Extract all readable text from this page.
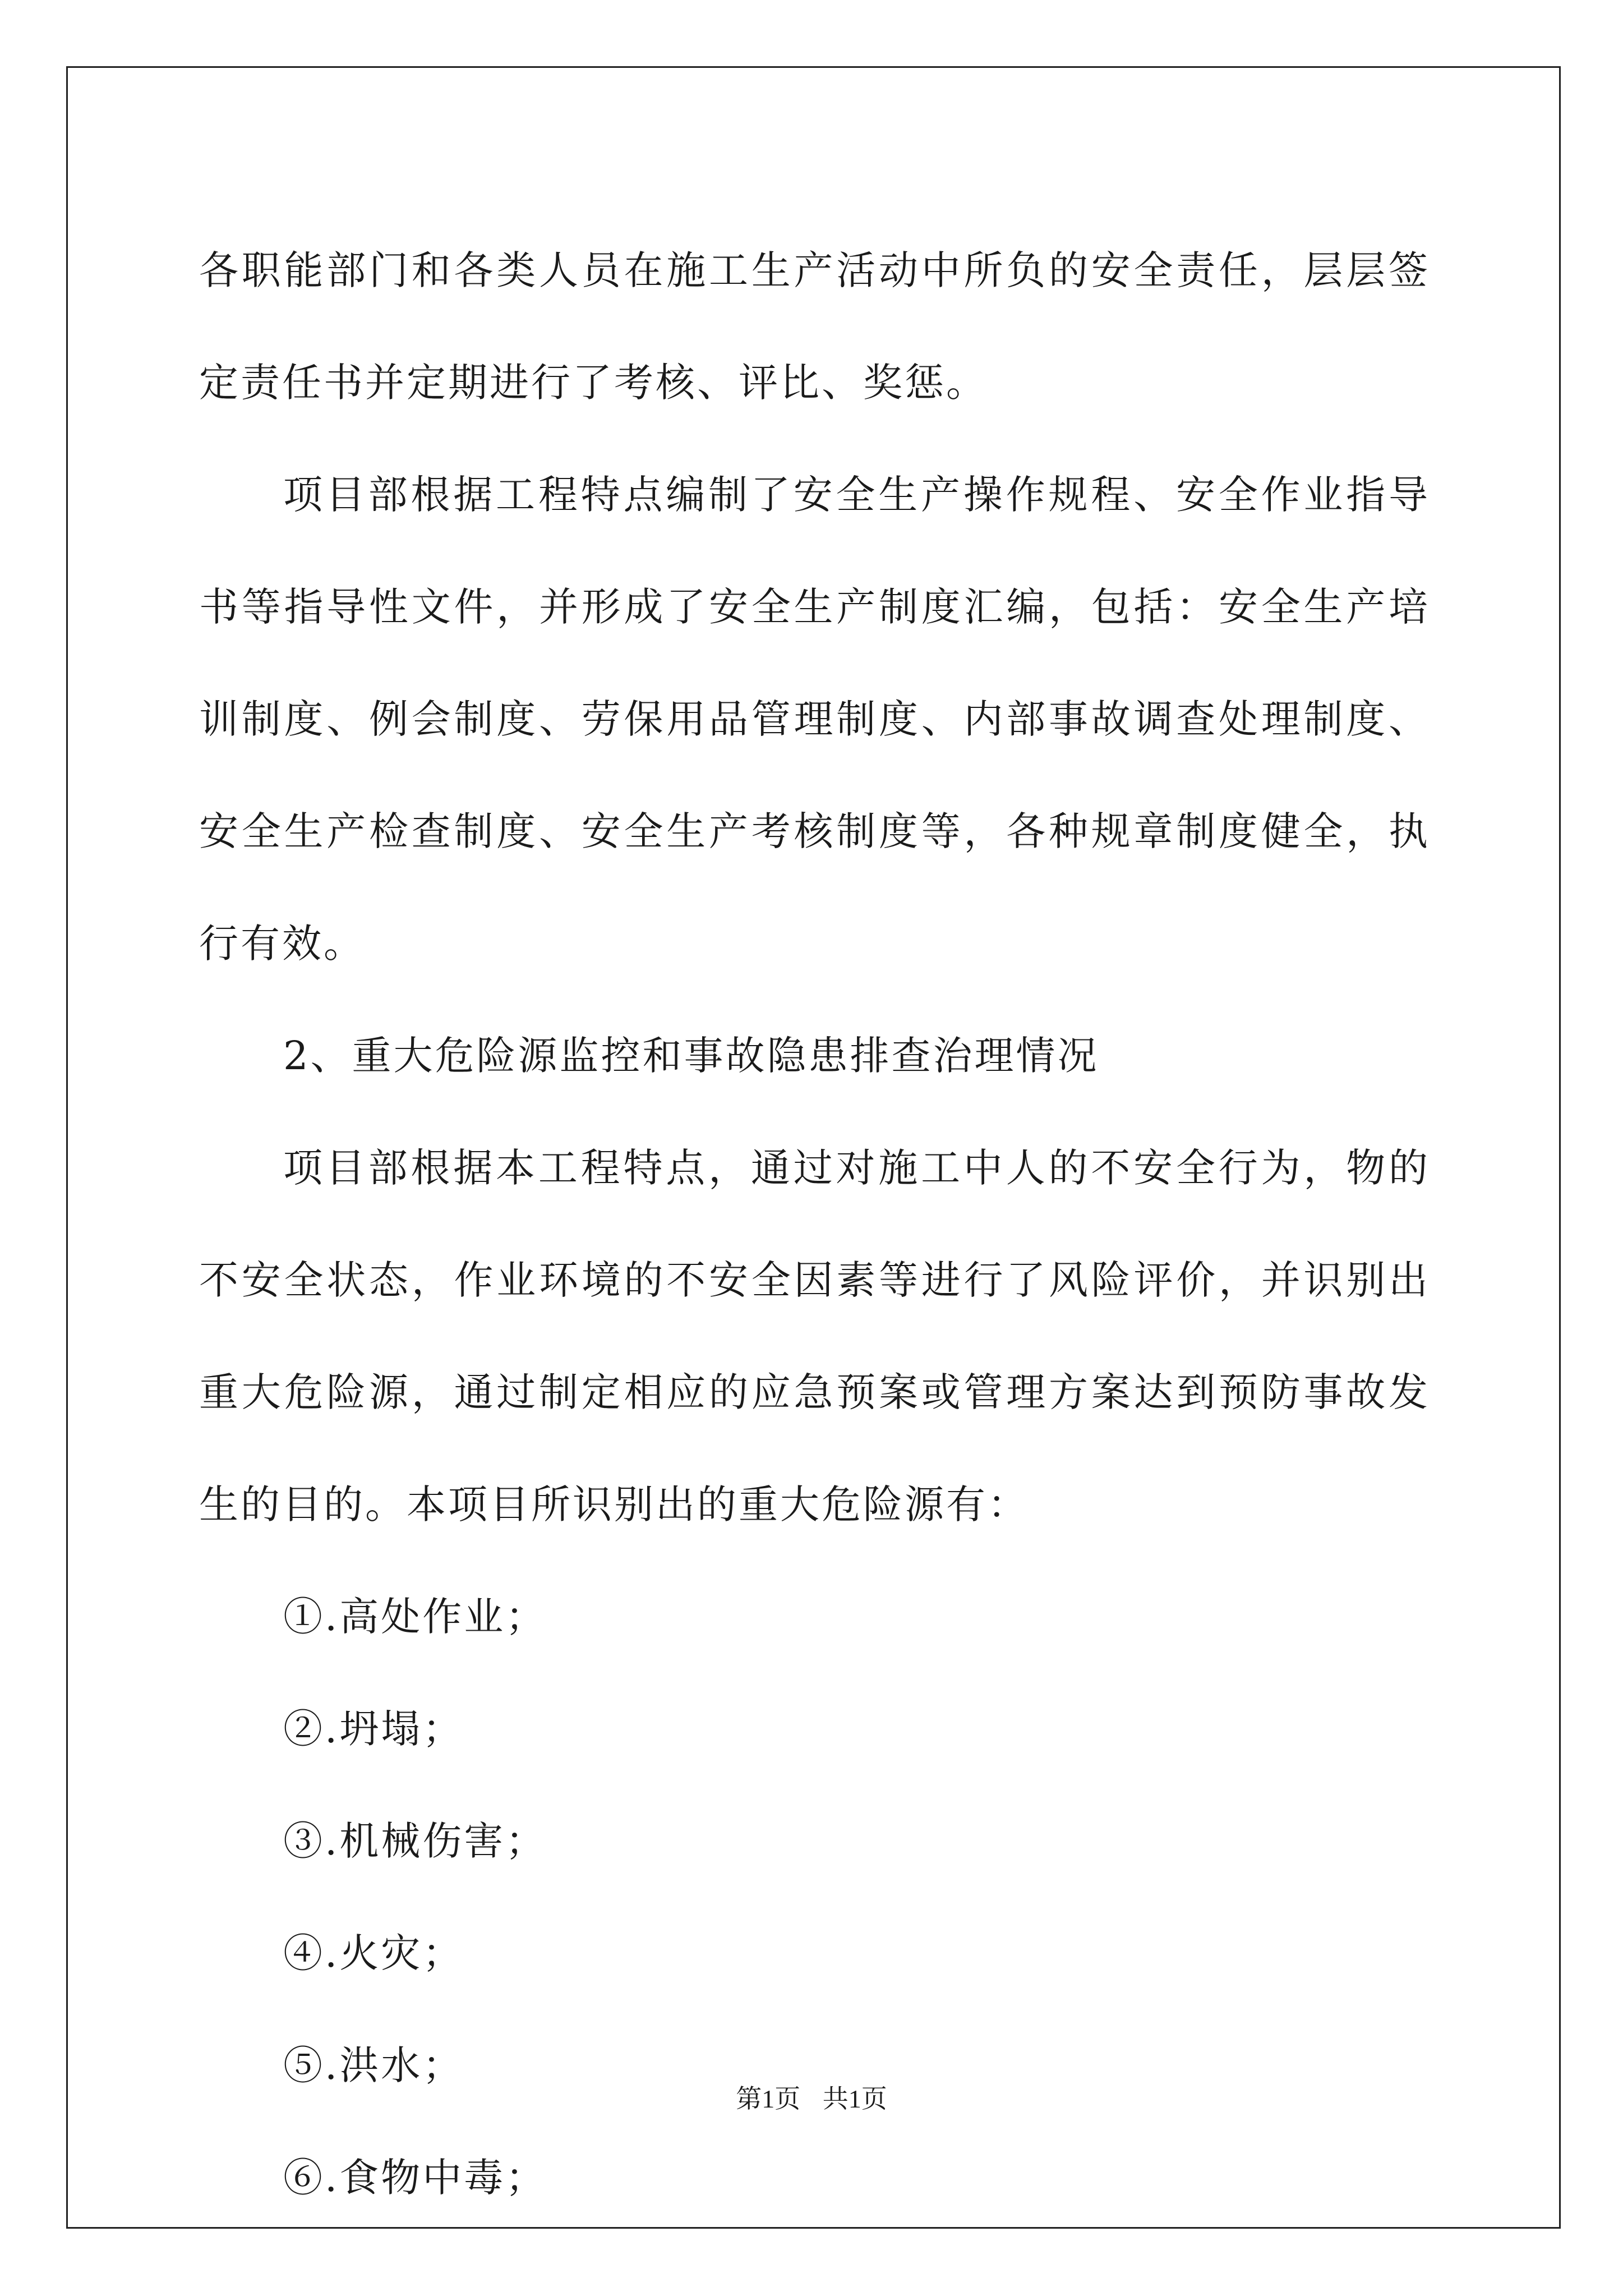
各职能部门和各类人员在施工生产活动中所负的安全责任，层层签定责任书并定期进行了考核、评比、奖惩。

项目部根据工程特点编制了安全生产操作规程、安全作业指导书等指导性文件，并形成了安全生产制度汇编，包括：安全生产培训制度、例会制度、劳保用品管理制度、内部事故调查处理制度、安全生产检查制度、安全生产考核制度等，各种规章制度健全，执行有效。

2、重大危险源监控和事故隐患排查治理情况

项目部根据本工程特点，通过对施工中人的不安全行为，物的不安全状态，作业环境的不安全因素等进行了风险评价，并识别出重大危险源，通过制定相应的应急预案或管理方案达到预防事故发生的目的。本项目所识别出的重大危险源有：

①.高处作业；

②.坍塌；

③.机械伤害；

④.火灾；

⑤.洪水；

⑥.食物中毒；

第1页 共1页
